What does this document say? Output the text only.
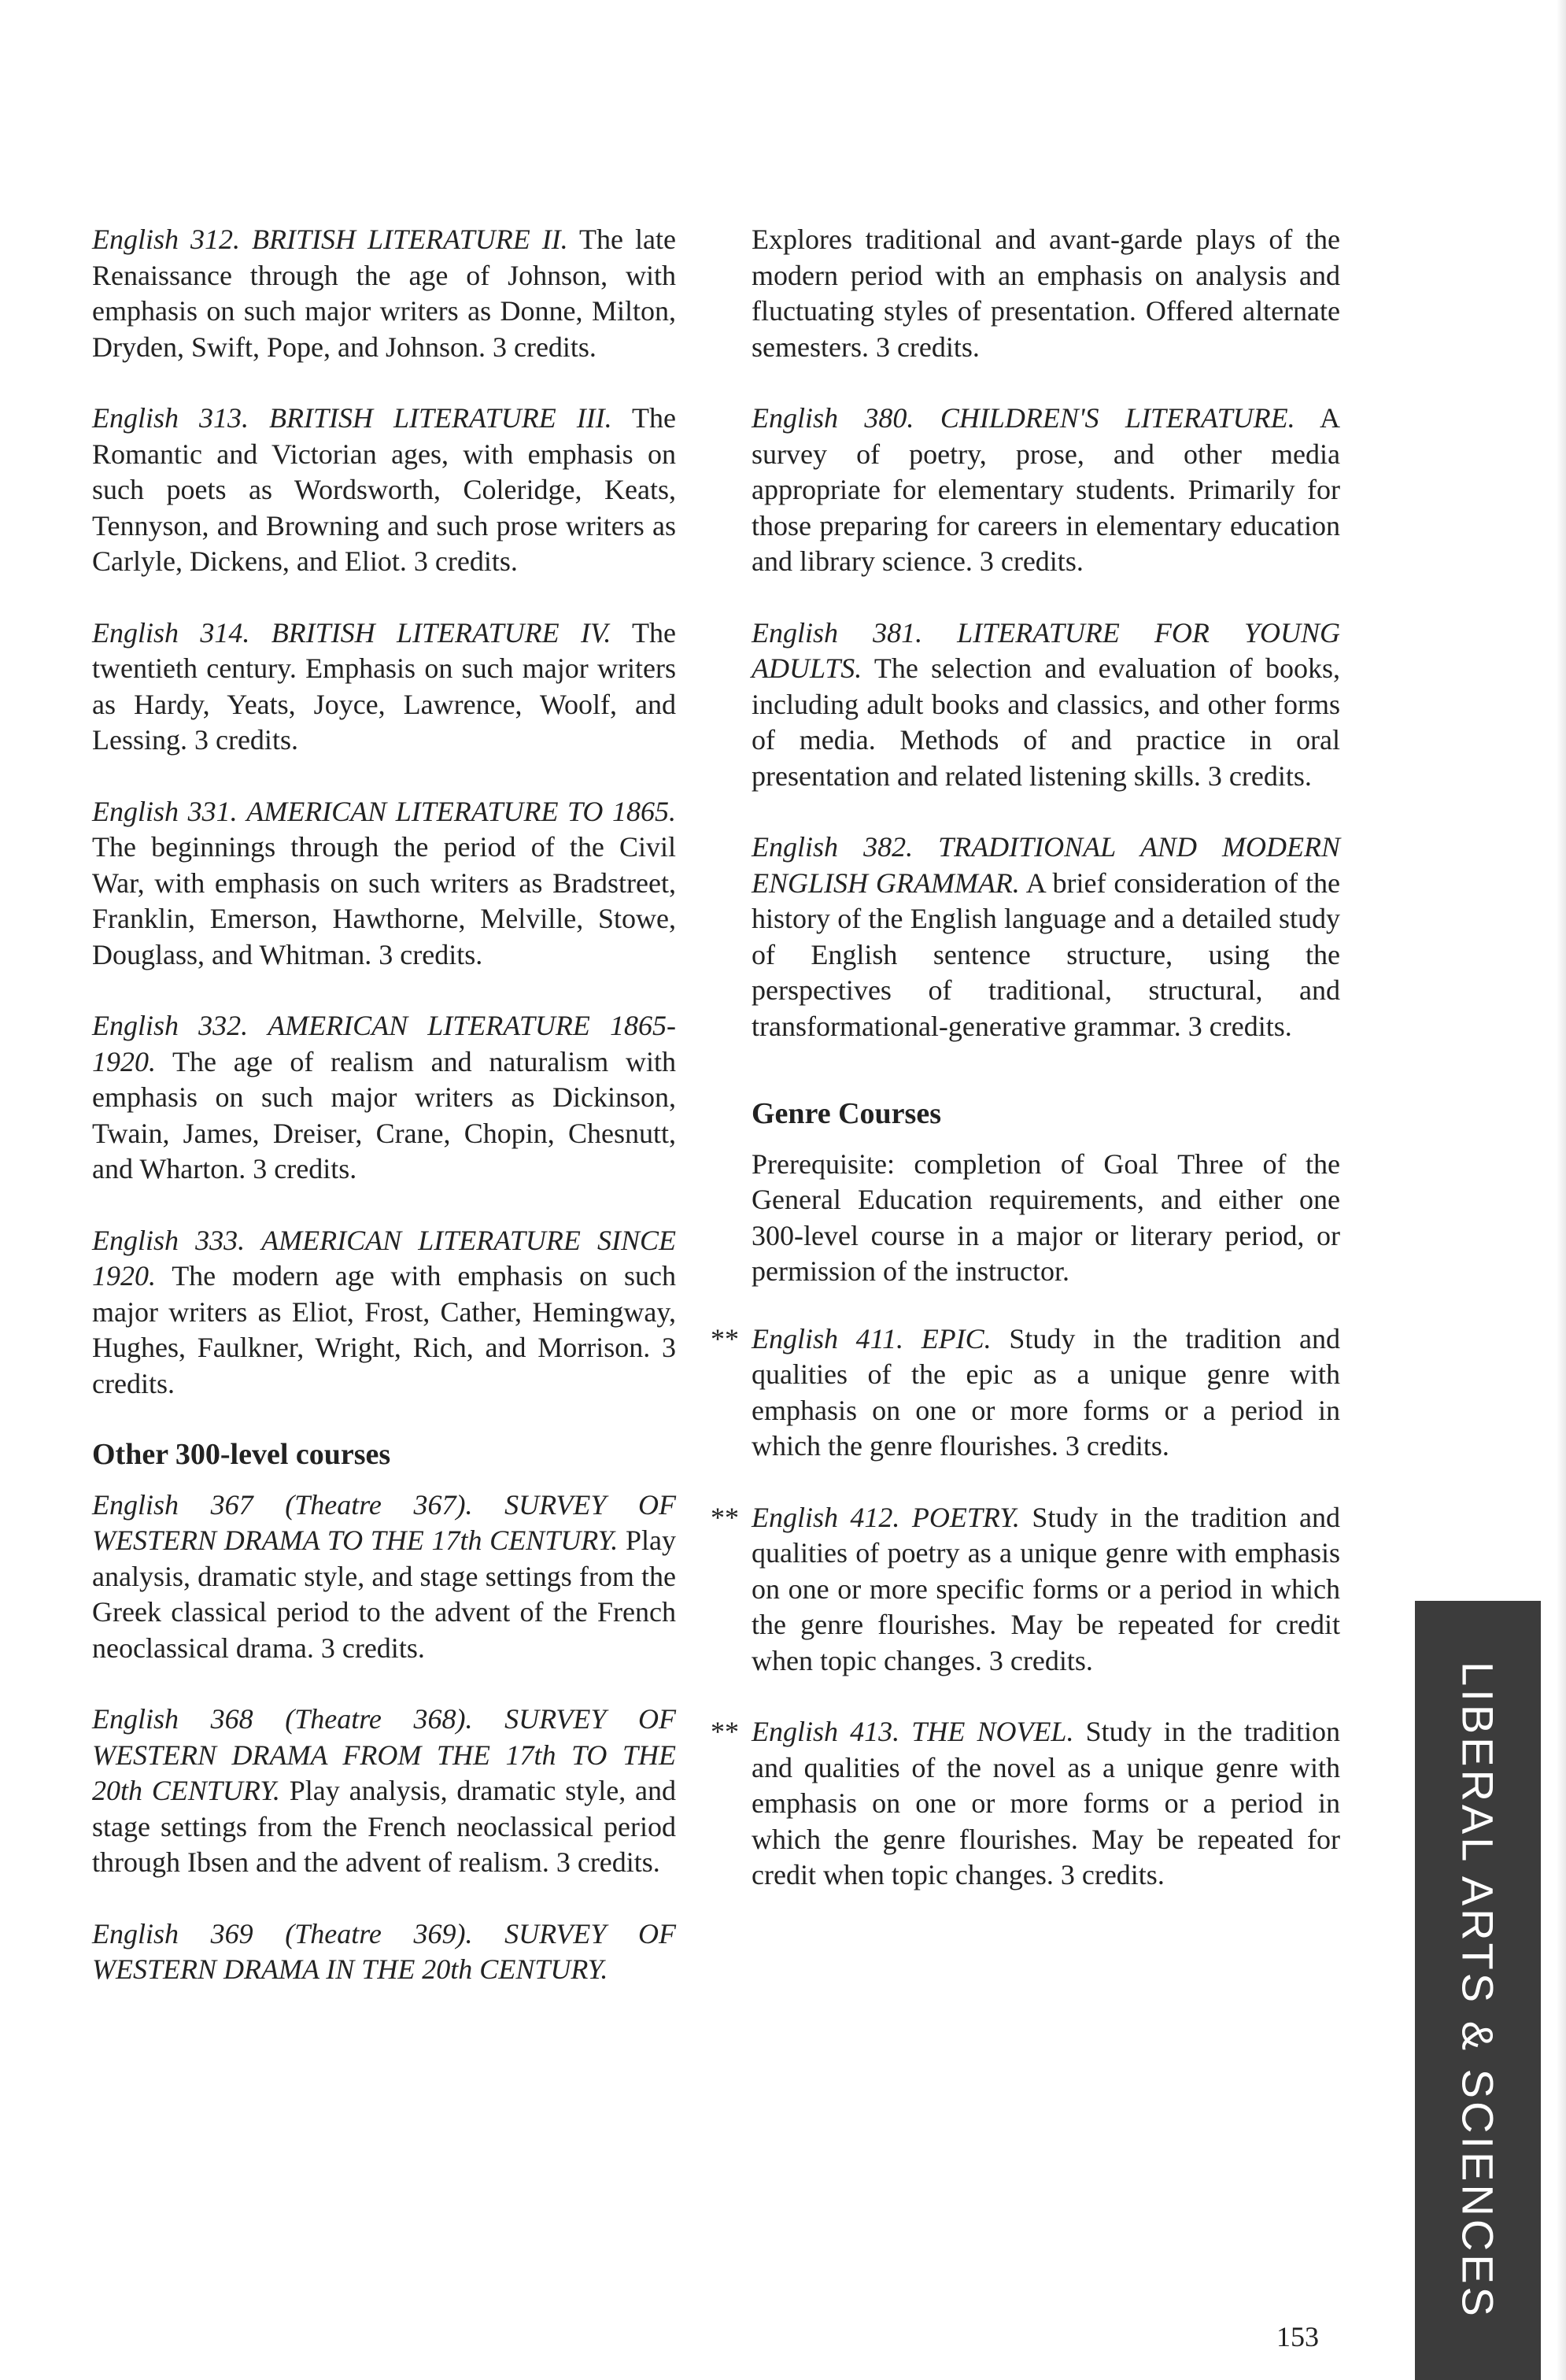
English 312. BRITISH LITERATURE II. The late Renaissance through the age of Johnson, with emphasis on such major writers as Donne, Milton, Dryden, Swift, Pope, and Johnson. 3 credits.

English 313. BRITISH LITERATURE III. The Romantic and Victorian ages, with emphasis on such poets as Wordsworth, Coleridge, Keats, Tennyson, and Browning and such prose writers as Carlyle, Dickens, and Eliot. 3 credits.

English 314. BRITISH LITERATURE IV. The twentieth century. Emphasis on such major writers as Hardy, Yeats, Joyce, Lawrence, Woolf, and Lessing. 3 credits.

English 331. AMERICAN LITERATURE TO 1865. The beginnings through the period of the Civil War, with emphasis on such writers as Bradstreet, Franklin, Emerson, Hawthorne, Melville, Stowe, Douglass, and Whitman. 3 credits.

English 332. AMERICAN LITERATURE 1865-1920. The age of realism and naturalism with emphasis on such major writers as Dickinson, Twain, James, Dreiser, Crane, Chopin, Chesnutt, and Wharton. 3 credits.

English 333. AMERICAN LITERATURE SINCE 1920. The modern age with emphasis on such major writers as Eliot, Frost, Cather, Hemingway, Hughes, Faulkner, Wright, Rich, and Morrison. 3 credits.

Other 300-level courses

English 367 (Theatre 367). SURVEY OF WESTERN DRAMA TO THE 17th CENTURY. Play analysis, dramatic style, and stage settings from the Greek classical period to the advent of the French neoclassical drama. 3 credits.

English 368 (Theatre 368). SURVEY OF WESTERN DRAMA FROM THE 17th TO THE 20th CENTURY. Play analysis, dramatic style, and stage settings from the French neoclassical period through Ibsen and the advent of realism. 3 credits.

English 369 (Theatre 369). SURVEY OF WESTERN DRAMA IN THE 20th CENTURY.

Explores traditional and avant-garde plays of the modern period with an emphasis on analysis and fluctuating styles of presentation. Offered alternate semesters. 3 credits.

English 380. CHILDREN'S LITERATURE. A survey of poetry, prose, and other media appropriate for elementary students. Primarily for those preparing for careers in elementary education and library science. 3 credits.

English 381. LITERATURE FOR YOUNG ADULTS. The selection and evaluation of books, including adult books and classics, and other forms of media. Methods of and practice in oral presentation and related listening skills. 3 credits.

English 382. TRADITIONAL AND MODERN ENGLISH GRAMMAR. A brief consideration of the history of the English language and a detailed study of English sentence structure, using the perspectives of traditional, structural, and transformational-generative grammar. 3 credits.

Genre Courses

Prerequisite: completion of Goal Three of the General Education requirements, and either one 300-level course in a major or literary period, or permission of the instructor.

** English 411. EPIC. Study in the tradition and qualities of the epic as a unique genre with emphasis on one or more forms or a period in which the genre flourishes. 3 credits.

** English 412. POETRY. Study in the tradition and qualities of poetry as a unique genre with emphasis on one or more specific forms or a period in which the genre flourishes. May be repeated for credit when topic changes. 3 credits.

** English 413. THE NOVEL. Study in the tradition and qualities of the novel as a unique genre with emphasis on one or more forms or a period in which the genre flourishes. May be repeated for credit when topic changes. 3 credits.

153
LIBERAL ARTS & SCIENCES
